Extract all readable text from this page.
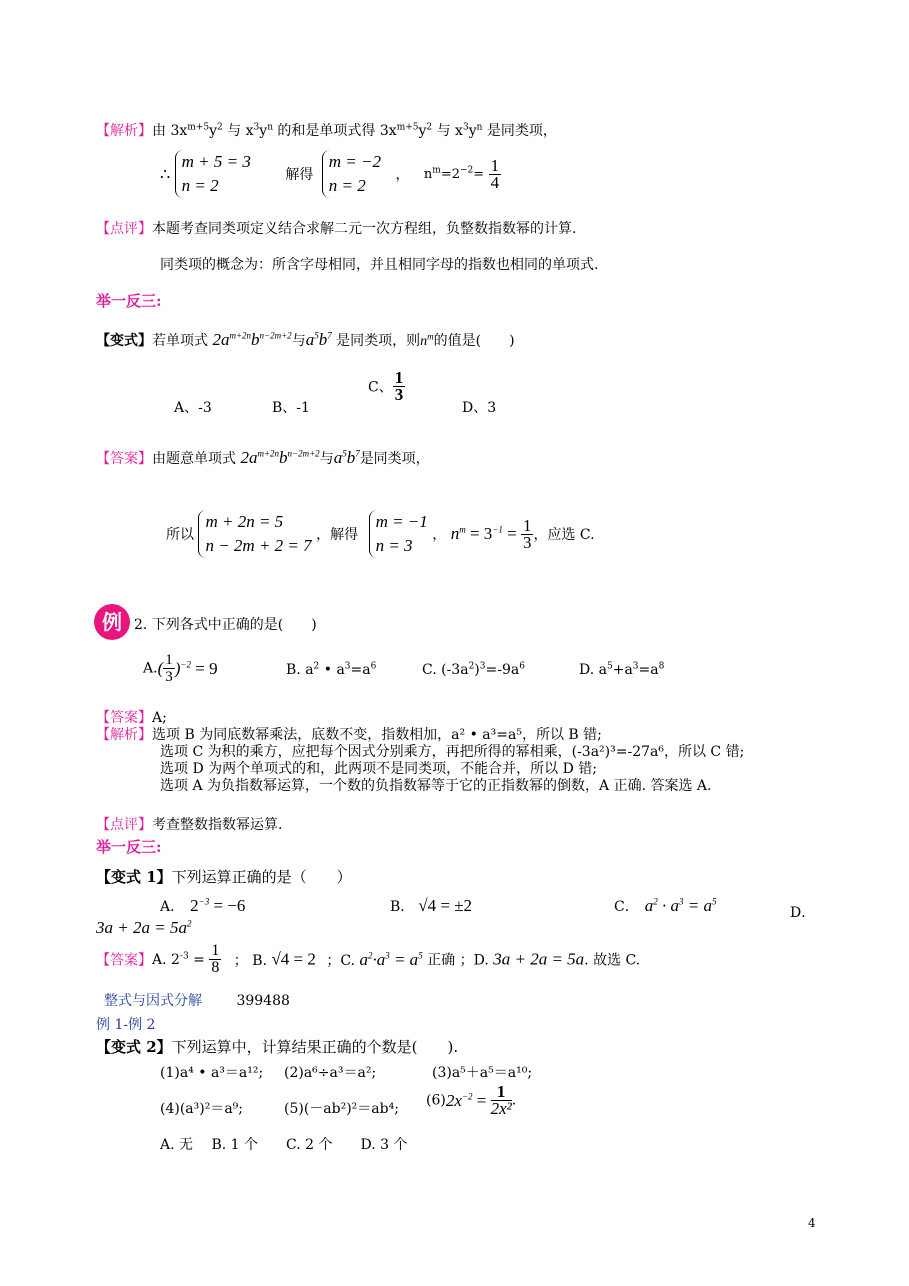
【解析】由 $3x^{m+5}y^2$ 与 $x^3y^n$ 的和是单项式得 $3x^{m+5}y^2$ 与 $x^3y^n$ 是同类项，
∴
m + 5 = 3
n = 2
解得
m = −2
n = 2
， $n^m=2^{-2}= \frac{1}{4}$
【点评】本题考查同类项定义结合求解二元一次方程组，负整数指数幂的计算.
同类项的概念为：所含字母相同，并且相同字母的指数也相同的单项式.
举一反三:
【变式】若单项式 $2a^{m+2n}b^{n-2m+2}$与$a^5b^7$ 是同类项，则$n^m$的值是(　　)
A、-3	B、-1
C、 $\frac{1}{3}$
D、3
【答案】由题意单项式 $2a^{m+2n}b^{n-2m+2}$与$a^5b^7$是同类项，
所以
m + 2n = 5
n − 2m + 2 = 7
，解得
m = −1
n = 3
， $n^m = 3^{-1} = \frac{1}{3}$ ，应选 C.
例 2. 下列各式中正确的是(　　)
$A.( \frac{1}{3} )^{-2} = 9$	B. $a^2$ • $a^3=a^6$	C. $(-3a^2)^3=-9a^6$	D. $a^5+a^3=a^8$
【答案】A;
【解析】选项 B 为同底数幂乘法，底数不变，指数相加，a² • a³=a⁵，所以 B 错;
选项 C 为积的乘方，应把每个因式分别乘方，再把所得的幂相乘，(-3a²)³=-27a⁶，所以 C 错;
选项 D 为两个单项式的和，此两项不是同类项，不能合并，所以 D 错;
选项 A 为负指数幂运算，一个数的负指数幂等于它的正指数幂的倒数，A 正确. 答案选 A.
【点评】考查整数指数幂运算.
举一反三:
【变式 1】下列运算正确的是（　　）
A． $2^{-3} = -6$	B． √4 = ±2	C． $a^2 \cdot a^3 = a^5$
D．
$3a + 2a = 5a^2$
【答案】A. $2^{-3} = \frac{1}{8}$ ； B. √4 = 2 ；C. $a^2\cdot a^3 = a^5$ 正确 ；D. 3a + 2a = 5a. 故选 C.
整式与因式分解 399488
例 1-例 2
【变式 2】下列运算中，计算结果正确的个数是(　　).
(1)a⁴ • a³＝a¹²; (2)a⁶÷a³＝a²;	(3)a⁵＋a⁵＝a¹⁰;
(4)(a³)²＝a⁹;	(5)(－ab²)²＝ab⁴;
$(6)2x^{-2} = \frac{1}{\text{2x²}}$ .
A. 无　 B. 1 个　　C. 2 个　　D. 3 个
4
